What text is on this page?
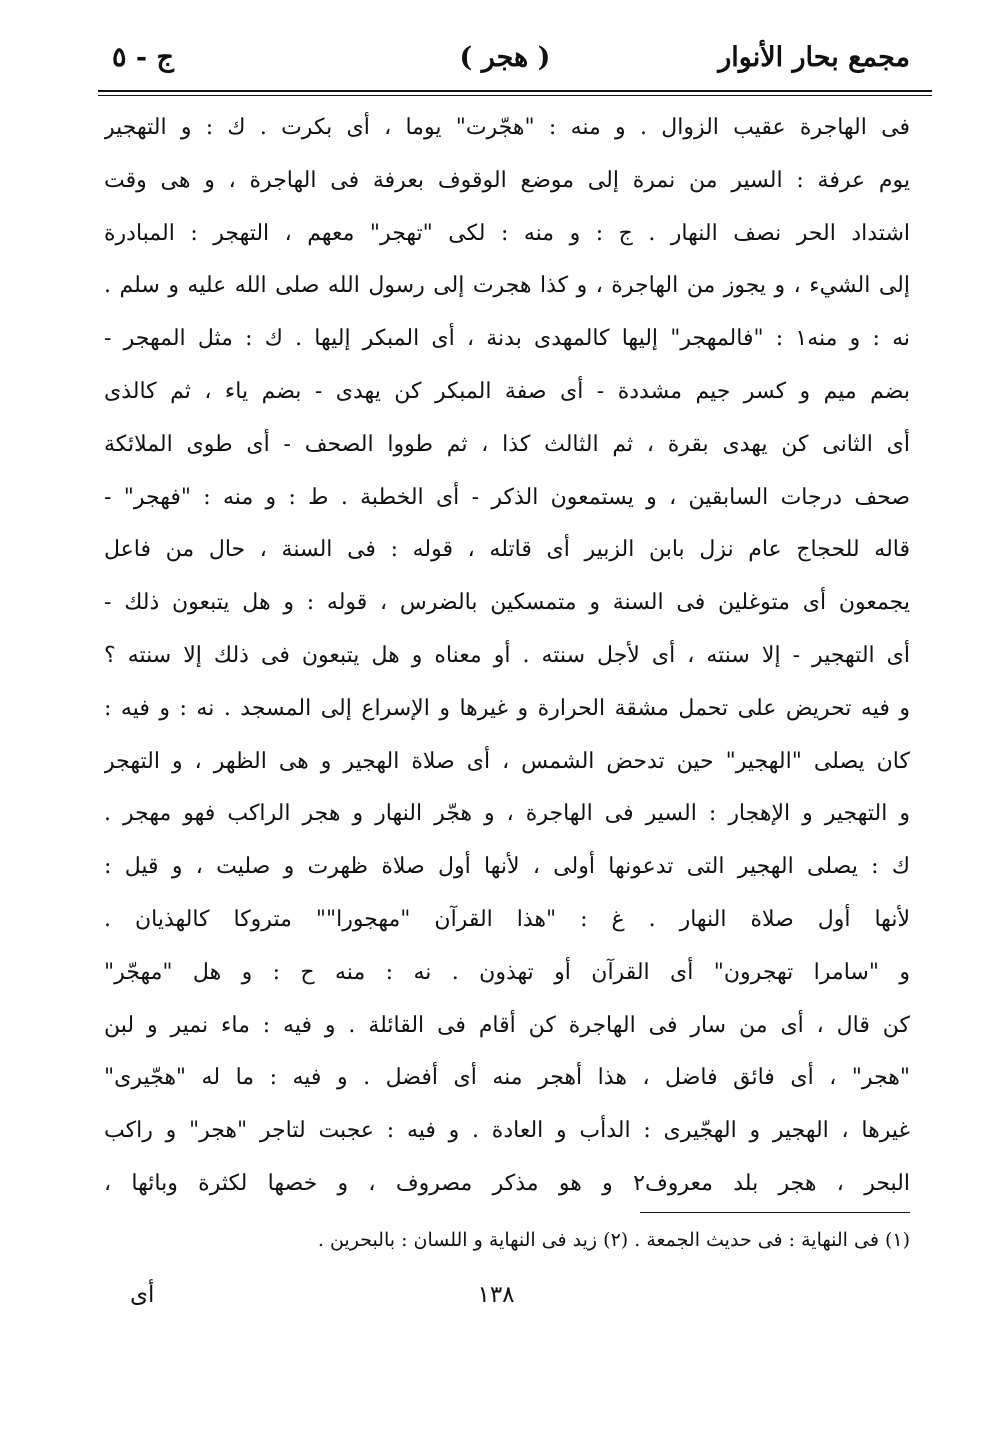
مجمع بحار الأنوار
( هجر )
ج - ٥
فى الهاجرة عقيب الزوال . و منه : "هجّرت" يوما ، أى بكرت . ك : و التهجير
يوم عرفة : السير من نمرة إلى موضع الوقوف بعرفة فى الهاجرة ، و هى وقت
اشتداد الحر نصف النهار . ج : و منه : لكى "تهجر" معهم ، التهجر : المبادرة
إلى الشيء ، و يجوز من الهاجرة ، و كذا هجرت إلى رسول الله صلى الله عليه و سلم .
نه : و منه١ : "فالمهجر" إليها كالمهدى بدنة ، أى المبكر إليها . ك : مثل المهجر -
بضم ميم و كسر جيم مشددة - أى صفة المبكر كن يهدى - بضم ياء ، ثم كالذى
أى الثانى كن يهدى بقرة ، ثم الثالث كذا ، ثم طووا الصحف - أى طوى الملائكة
صحف درجات السابقين ، و يستمعون الذكر - أى الخطبة . ط : و منه : "فهجر" -
قاله للحجاج عام نزل بابن الزبير أى قاتله ، قوله : فى السنة ، حال من فاعل
يجمعون أى متوغلين فى السنة و متمسكين بالضرس ، قوله : و هل يتبعون ذلك -
أى التهجير - إلا سنته ، أى لأجل سنته . أو معناه و هل يتبعون فى ذلك إلا سنته ؟
و فيه تحريض على تحمل مشقة الحرارة و غيرها و الإسراع إلى المسجد . نه : و فيه :
كان يصلى "الهجير" حين تدحض الشمس ، أى صلاة الهجير و هى الظهر ، و التهجر
و التهجير و الإهجار : السير فى الهاجرة ، و هجّر النهار و هجر الراكب فهو مهجر .
ك : يصلى الهجير التى تدعونها أولى ، لأنها أول صلاة ظهرت و صليت ، و قيل :
لأنها أول صلاة النهار . غ : "هذا القرآن "مهجورا"" متروكا كالهذيان .
و "سامرا تهجرون" أى القرآن أو تهذون . نه : منه ح : و هل "مهجّر"
كن قال ، أى من سار فى الهاجرة كن أقام فى القائلة . و فيه : ماء نمير و لبن
"هجر" ، أى فائق فاضل ، هذا أهجر منه أى أفضل . و فيه : ما له "هجّيرى"
غيرها ، الهجير و الهجّيرى : الدأب و العادة . و فيه : عجبت لتاجر "هجر" و راكب
البحر ، هجر بلد معروف٢ و هو مذكر مصروف ، و خصها لكثرة وبائها ،
(١) فى النهاية : فى حديث الجمعة . (٢) زيد فى النهاية و اللسان : بالبحرين .
١٣٨
أى
